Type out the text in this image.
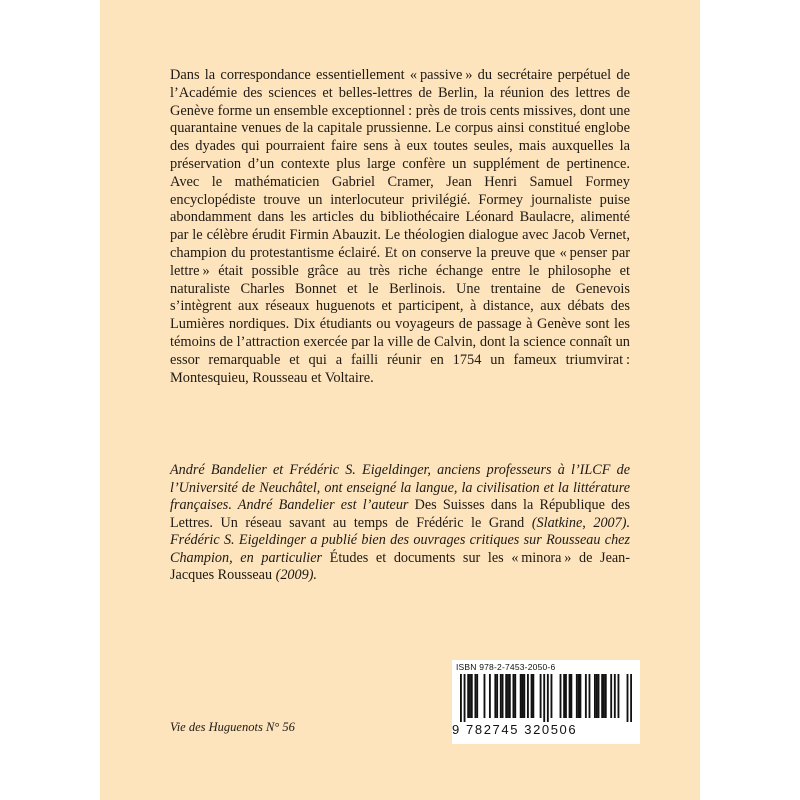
Dans la correspondance essentiellement « passive » du secrétaire perpétuel de l’Académie des sciences et belles-lettres de Berlin, la réunion des lettres de Genève forme un ensemble exceptionnel : près de trois cents missives, dont une quarantaine venues de la capitale prussienne. Le corpus ainsi constitué englobe des dyades qui pourraient faire sens à eux toutes seules, mais auxquelles la préservation d’un contexte plus large confère un supplément de pertinence. Avec le mathématicien Gabriel Cramer, Jean Henri Samuel Formey encyclopédiste trouve un interlocuteur privilégié. Formey journaliste puise abondamment dans les articles du bibliothécaire Léonard Baulacre, alimenté par le célèbre érudit Firmin Abauzit. Le théologien dialogue avec Jacob Vernet, champion du protestantisme éclairé. Et on conserve la preuve que « penser par lettre » était possible grâce au très riche échange entre le philosophe et naturaliste Charles Bonnet et le Berlinois. Une trentaine de Genevois s’intègrent aux réseaux huguenots et participent, à distance, aux débats des Lumières nordiques. Dix étudiants ou voyageurs de passage à Genève sont les témoins de l’attraction exercée par la ville de Calvin, dont la science connaît un essor remarquable et qui a failli réunir en 1754 un fameux triumvirat : Montesquieu, Rousseau et Voltaire.

André Bandelier et Frédéric S. Eigeldinger, anciens professeurs à l’ILCF de l’Université de Neuchâtel, ont enseigné la langue, la civilisation et la littérature françaises. André Bandelier est l’auteur Des Suisses dans la République des Lettres. Un réseau savant au temps de Frédéric le Grand (Slatkine, 2007). Frédéric S. Eigeldinger a publié bien des ouvrages critiques sur Rousseau chez Champion, en particulier Études et documents sur les « minora » de Jean-Jacques Rousseau (2009).

Vie des Huguenots N° 56
ISBN 978-2-7453-2050-6
9 782745 320506
